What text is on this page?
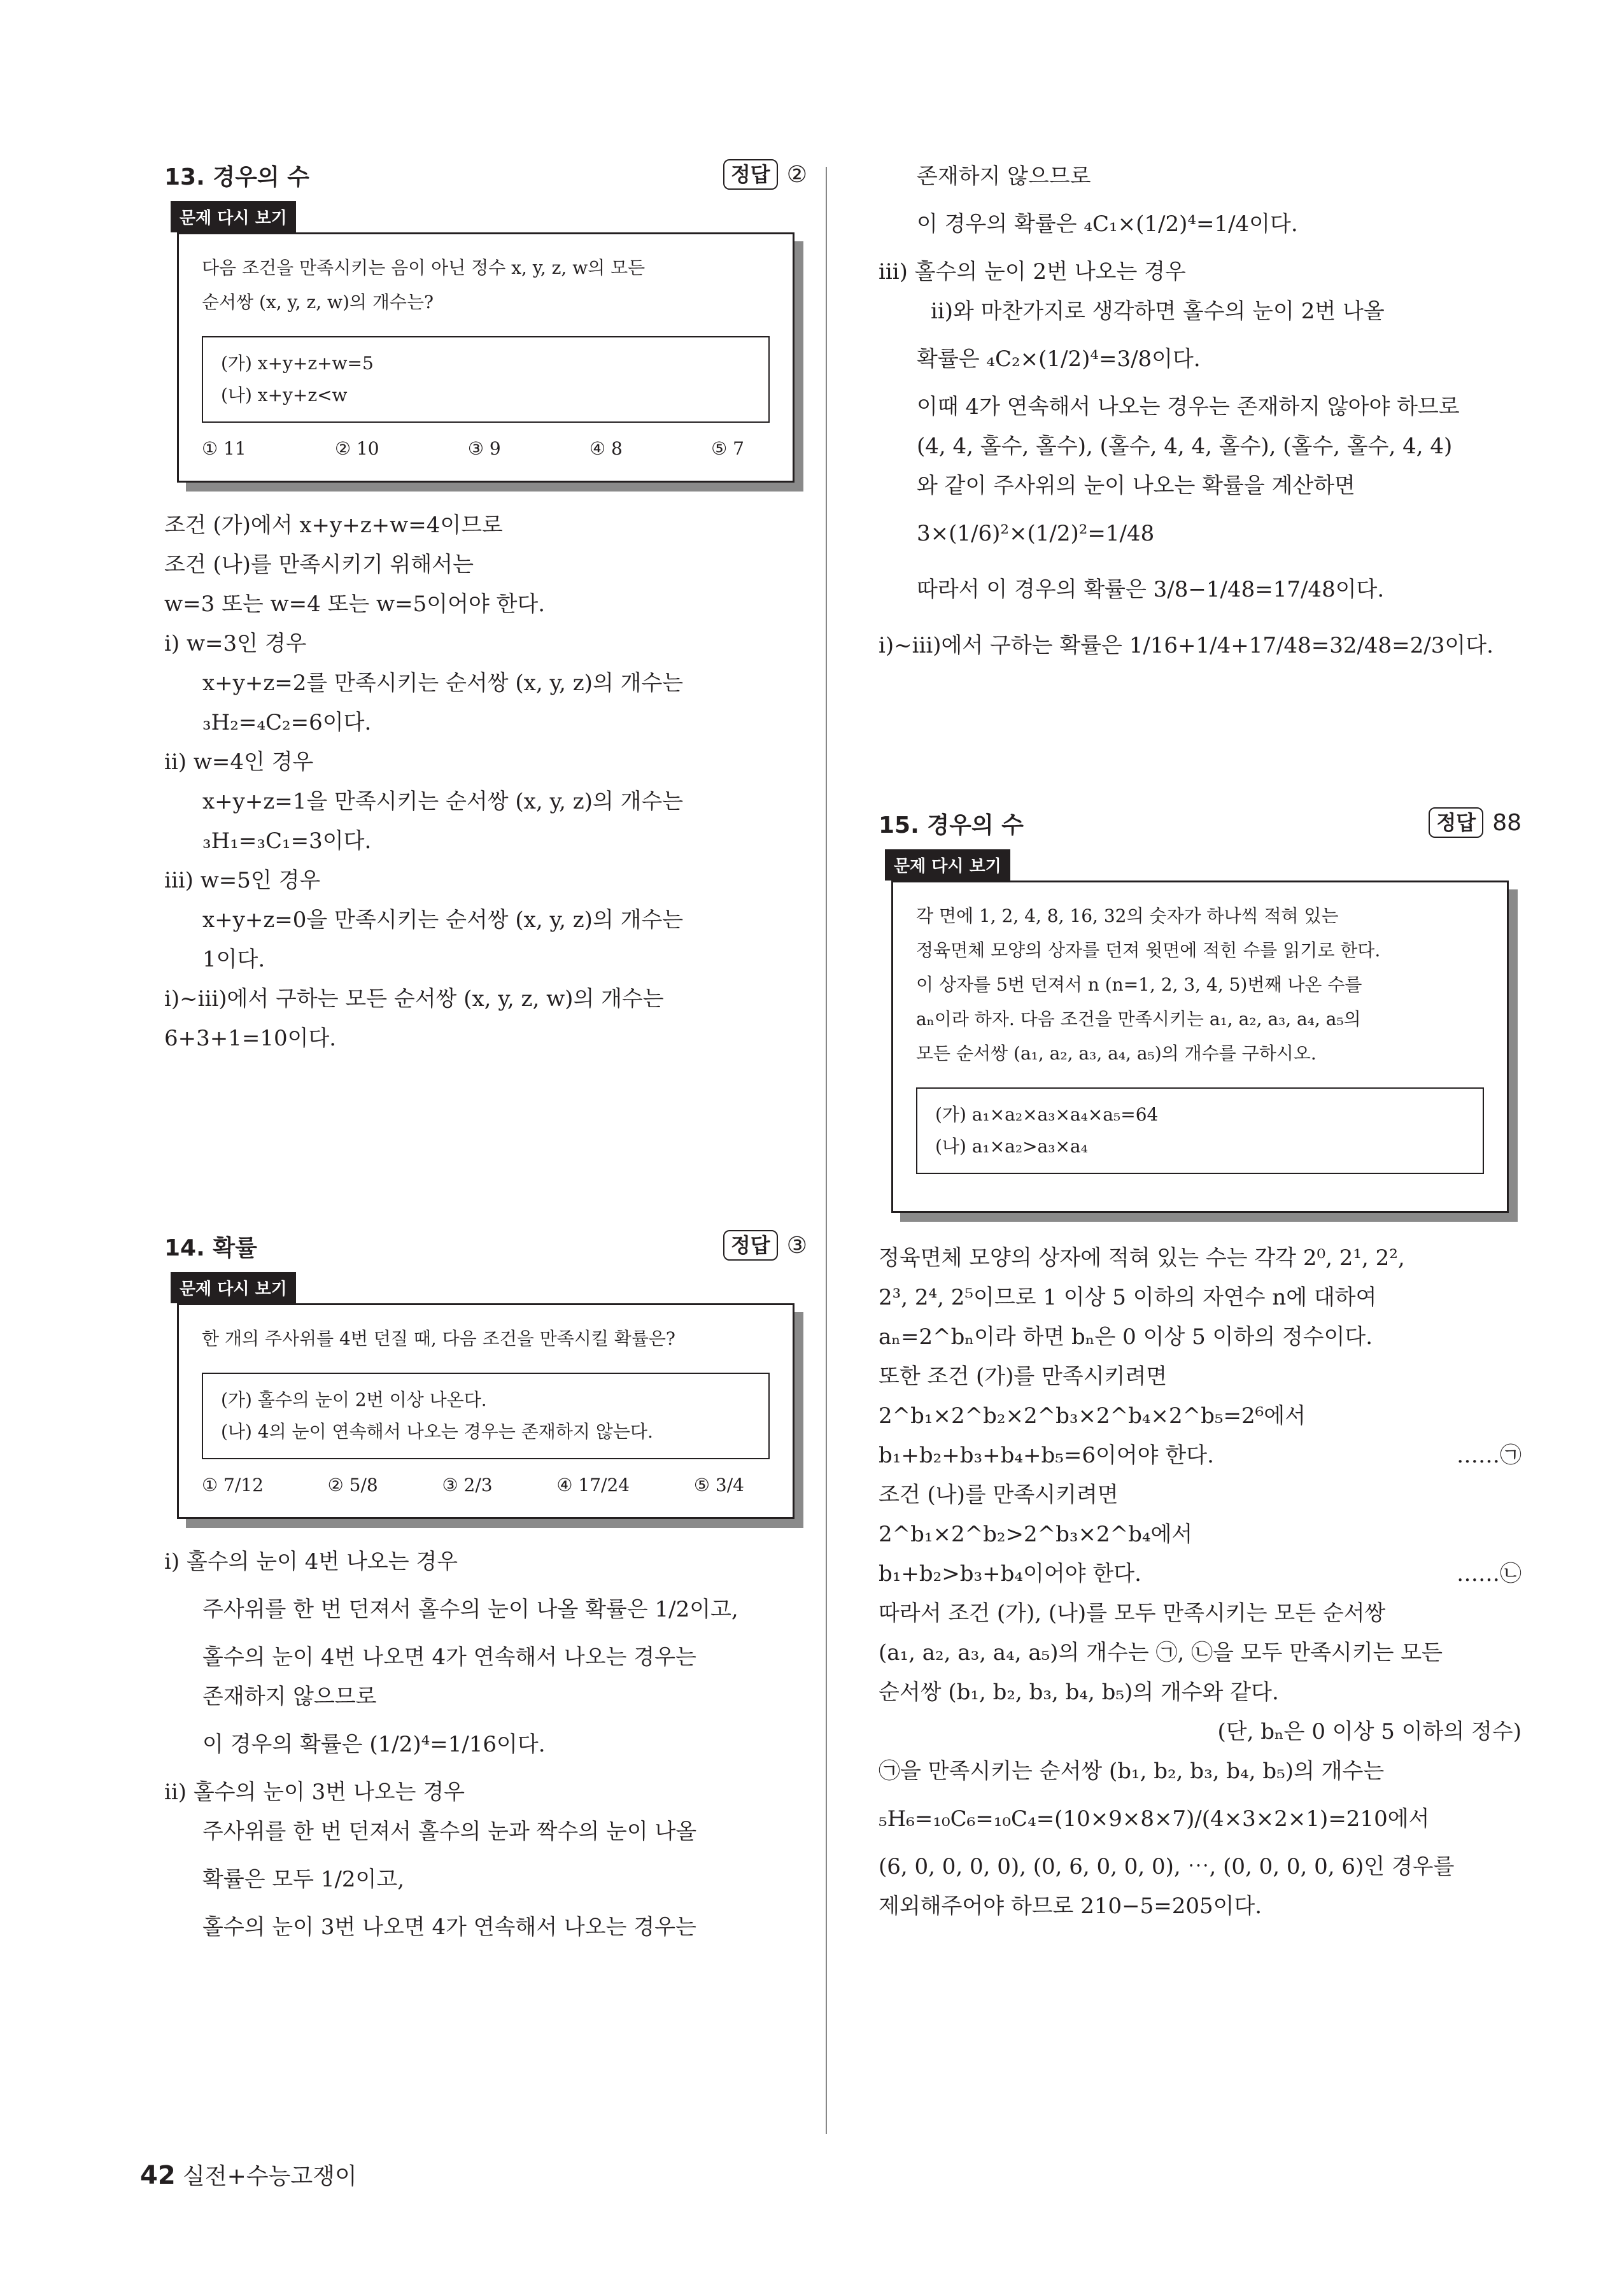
13. 경우의 수	정답 ②
문제 다시 보기

다음 조건을 만족시키는 음이 아닌 정수 x, y, z, w의 모든

순서쌍 (x, y, z, w)의 개수는?

(가) x+y+z+w=5

(나) x+y+z<w

① 11	② 10	③ 9	④ 8	⑤ 7

조건 (가)에서 x+y+z+w=4이므로

조건 (나)를 만족시키기 위해서는

w=3 또는 w=4 또는 w=5이어야 한다.

ⅰ) w=3인 경우

x+y+z=2를 만족시키는 순서쌍 (x, y, z)의 개수는

₃H₂=₄C₂=6이다.

ⅱ) w=4인 경우

x+y+z=1을 만족시키는 순서쌍 (x, y, z)의 개수는

₃H₁=₃C₁=3이다.

ⅲ) w=5인 경우

x+y+z=0을 만족시키는 순서쌍 (x, y, z)의 개수는

1이다.

ⅰ)~ⅲ)에서 구하는 모든 순서쌍 (x, y, z, w)의 개수는

6+3+1=10이다.

14. 확률	정답 ③
문제 다시 보기

한 개의 주사위를 4번 던질 때, 다음 조건을 만족시킬 확률은?

(가) 홀수의 눈이 2번 이상 나온다.

(나) 4의 눈이 연속해서 나오는 경우는 존재하지 않는다.

① 7/12	② 5/8	③ 2/3	④ 17/24	⑤ 3/4

ⅰ) 홀수의 눈이 4번 나오는 경우

주사위를 한 번 던져서 홀수의 눈이 나올 확률은 1/2이고,

홀수의 눈이 4번 나오면 4가 연속해서 나오는 경우는

존재하지 않으므로

이 경우의 확률은 (1/2)⁴=1/16이다.

ⅱ) 홀수의 눈이 3번 나오는 경우

주사위를 한 번 던져서 홀수의 눈과 짝수의 눈이 나올

확률은 모두 1/2이고,

홀수의 눈이 3번 나오면 4가 연속해서 나오는 경우는

존재하지 않으므로

이 경우의 확률은 ₄C₁×(1/2)⁴=1/4이다.

ⅲ) 홀수의 눈이 2번 나오는 경우

ⅱ)와 마찬가지로 생각하면 홀수의 눈이 2번 나올

확률은 ₄C₂×(1/2)⁴=3/8이다.

이때 4가 연속해서 나오는 경우는 존재하지 않아야 하므로

(4, 4, 홀수, 홀수), (홀수, 4, 4, 홀수), (홀수, 홀수, 4, 4)

와 같이 주사위의 눈이 나오는 확률을 계산하면

3×(1/6)²×(1/2)²=1/48

따라서 이 경우의 확률은 3/8−1/48=17/48이다.

ⅰ)~ⅲ)에서 구하는 확률은 1/16+1/4+17/48=32/48=2/3이다.

15. 경우의 수	정답 88
문제 다시 보기

각 면에 1, 2, 4, 8, 16, 32의 숫자가 하나씩 적혀 있는

정육면체 모양의 상자를 던져 윗면에 적힌 수를 읽기로 한다.

이 상자를 5번 던져서 n (n=1, 2, 3, 4, 5)번째 나온 수를

aₙ이라 하자. 다음 조건을 만족시키는 a₁, a₂, a₃, a₄, a₅의

모든 순서쌍 (a₁, a₂, a₃, a₄, a₅)의 개수를 구하시오.

(가) a₁×a₂×a₃×a₄×a₅=64

(나) a₁×a₂>a₃×a₄

정육면체 모양의 상자에 적혀 있는 수는 각각 2⁰, 2¹, 2²,

2³, 2⁴, 2⁵이므로 1 이상 5 이하의 자연수 n에 대하여

aₙ=2^bₙ이라 하면 bₙ은 0 이상 5 이하의 정수이다.

또한 조건 (가)를 만족시키려면

2^b₁×2^b₂×2^b₃×2^b₄×2^b₅=2⁶에서

……㉠
b₁+b₂+b₃+b₄+b₅=6이어야 한다.

조건 (나)를 만족시키려면

2^b₁×2^b₂>2^b₃×2^b₄에서

……㉡
b₁+b₂>b₃+b₄이어야 한다.

따라서 조건 (가), (나)를 모두 만족시키는 모든 순서쌍

(a₁, a₂, a₃, a₄, a₅)의 개수는 ㉠, ㉡을 모두 만족시키는 모든

순서쌍 (b₁, b₂, b₃, b₄, b₅)의 개수와 같다.

(단, bₙ은 0 이상 5 이하의 정수)

㉠을 만족시키는 순서쌍 (b₁, b₂, b₃, b₄, b₅)의 개수는

₅H₆=₁₀C₆=₁₀C₄=(10×9×8×7)/(4×3×2×1)=210에서

(6, 0, 0, 0, 0), (0, 6, 0, 0, 0), ⋯, (0, 0, 0, 0, 6)인 경우를

제외해주어야 하므로 210−5=205이다.

42 실전+수능고쟁이
